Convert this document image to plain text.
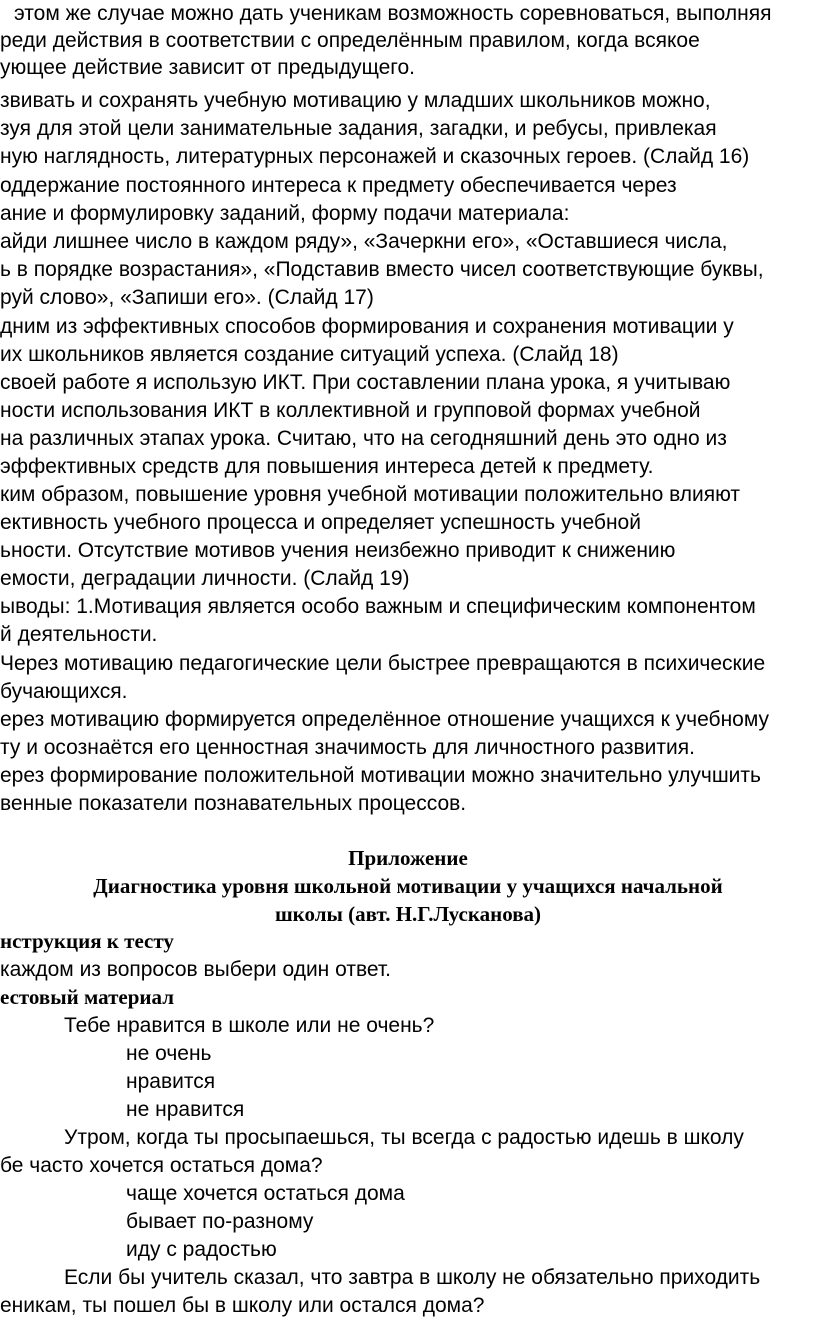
этом же случае можно дать ученикам возможность соревноваться, выполняя
реди действия в соответствии с определённым правилом, когда всякое
ующее действие зависит от предыдущего.
звивать и сохранять учебную мотивацию у младших школьников можно,
зуя для этой цели занимательные задания, загадки, и ребусы, привлекая
ную наглядность, литературных персонажей и сказочных героев. (Слайд 16)
оддержание постоянного интереса к предмету обеспечивается через
ание и формулировку заданий, форму подачи материала:
айди лишнее число в каждом ряду», «Зачеркни его», «Оставшиеся числа,
ь в порядке возрастания», «Подставив вместо чисел соответствующие буквы,
руй слово», «Запиши его». (Слайд 17)
дним из эффективных способов формирования и сохранения мотивации у
их школьников является создание ситуаций успеха. (Слайд 18)
своей работе я использую ИКТ. При составлении плана урока, я учитываю
ности использования ИКТ в коллективной и групповой формах учебной
на различных этапах урока. Считаю, что на сегодняшний день это одно из
эффективных средств для повышения интереса детей к предмету.
ким образом, повышение уровня учебной мотивации положительно влияют
ективность учебного процесса и определяет успешность учебной
ьности. Отсутствие мотивов учения неизбежно приводит к снижению
емости, деградации личности. (Слайд 19)
ыводы: 1.Мотивация является особо важным и специфическим компонентом
й деятельности.
Через мотивацию педагогические цели быстрее превращаются в психические
бучающихся.
ерез мотивацию формируется определённое отношение учащихся к учебному
ту и осознаётся его ценностная значимость для личностного развития.
ерез формирование положительной мотивации можно значительно улучшить
венные показатели познавательных процессов.
Приложение
Диагностика уровня школьной мотивации у учащихся начальной
школы (авт. Н.Г.Лусканова)
нструкция к тесту
каждом из вопросов выбери один ответ.
естовый материал
Тебе нравится в школе или не очень?
не очень
нравится
не нравится
Утром, когда ты просыпаешься, ты всегда с радостью идешь в школу
бе часто хочется остаться дома?
чаще хочется остаться дома
бывает по-разному
иду с радостью
Если бы учитель сказал, что завтра в школу не обязательно приходить
еникам, ты пошел бы в школу или остался дома?
